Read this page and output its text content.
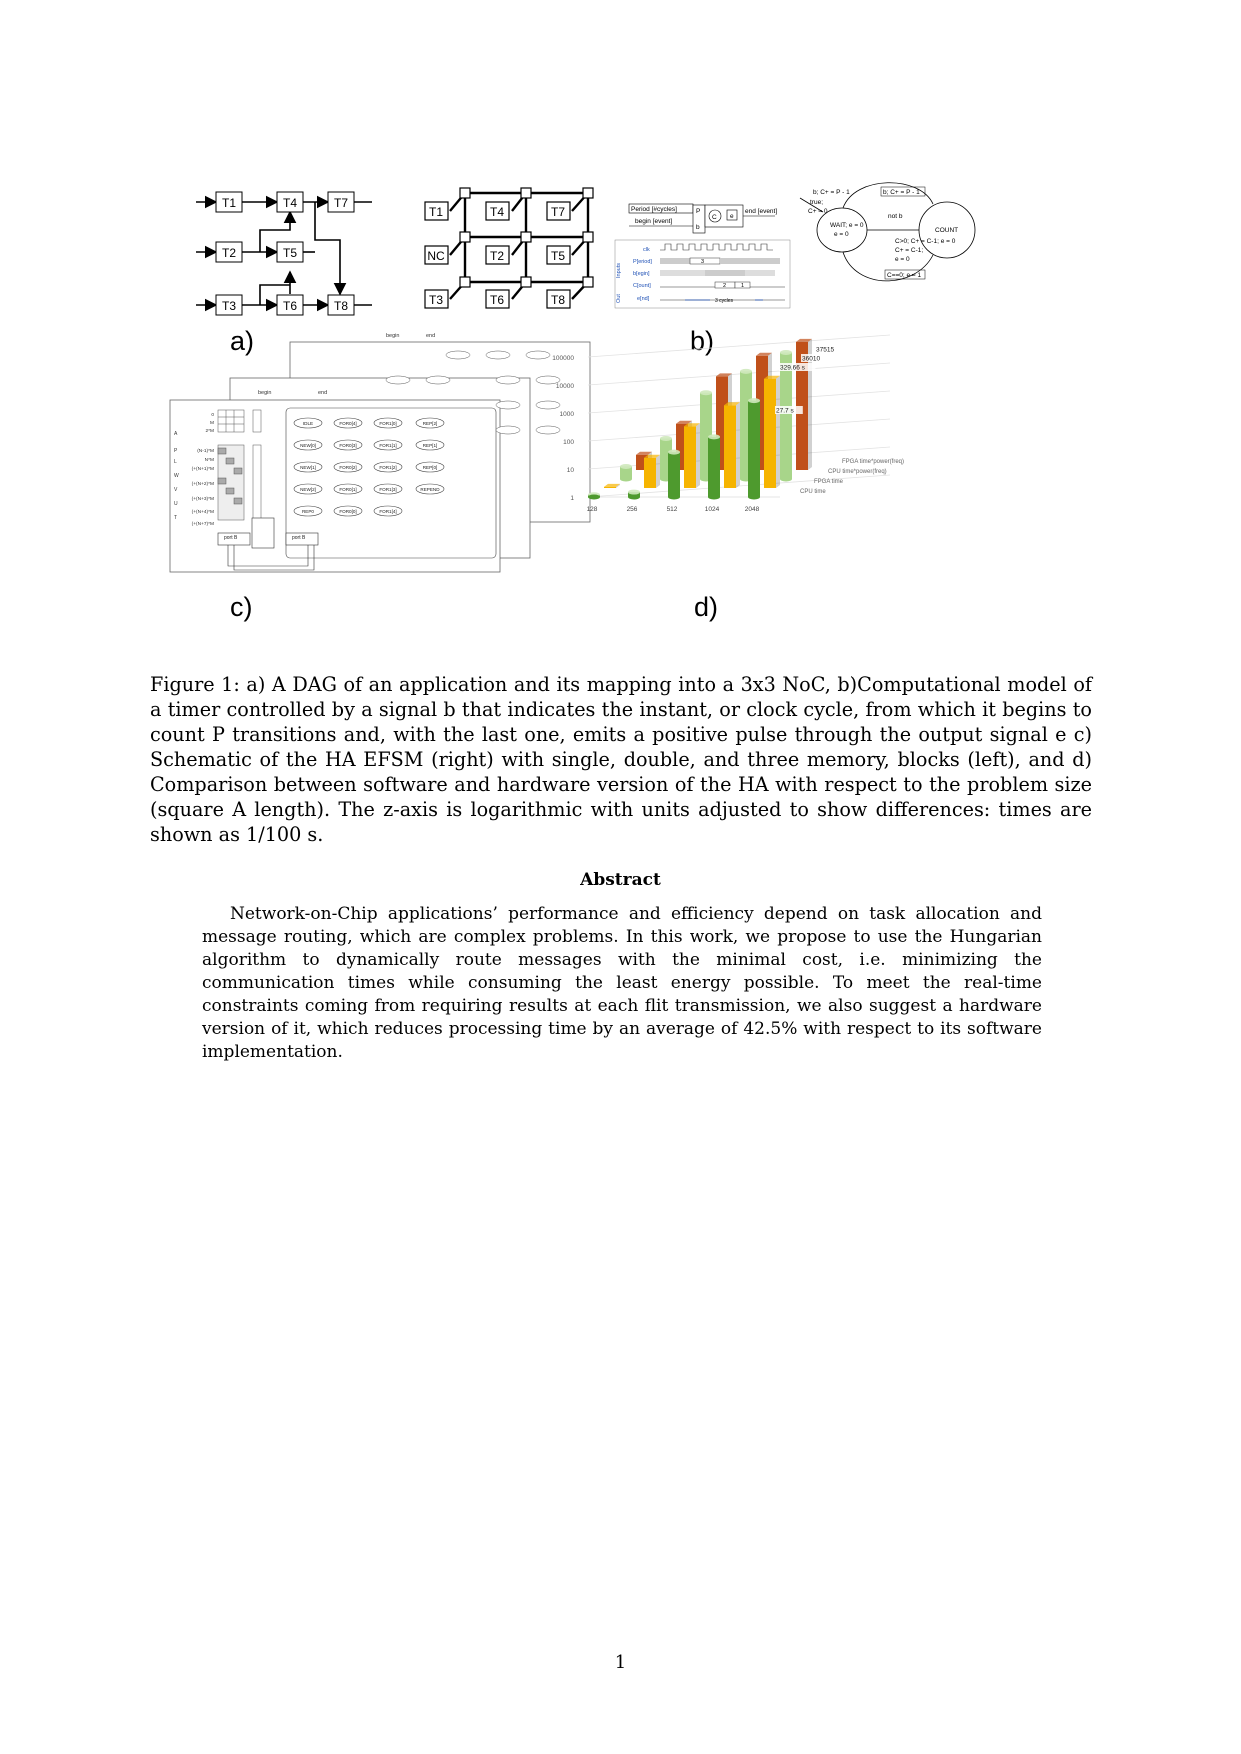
T1
T2
T3
T4
T5
T6
T7
T8
T1	T4	T7
NC	T2	T5
T3	T6	T8
a)
Period [#cycles]
begin [event]
P
b
C e
end [event]
clk
P[eriod]
b[egin]
C[ount]
e[nd]
Inputs
Out
3
2	1
3 cycles
WAIT; e = 0
e = 0
COUNT
b; C+ = P - 1	b; C+ = P - 1
not b
C>0; C+ = C-1; e = 0
C+ = C-1;
e = 0
C==0; e = 1
true;
C+ = 0
b)
begin	end
begin	end
0
M
2*M
(N-1)*M
N*M
(+(N+1)*M
(+(N+2)*M
(+(N+3)*M
(+(N+4)*M
(+(N+7)*M
A
P
L
W
V
U
T
IDLE	FOR0[4]	FOR1[0]	REP[2]
NEW[0]	FOR0[3]	FOR1[1]	REP[1]
NEW[1]	FOR0[2]	FOR1[2]	REP[0]
NEW[2]	FOR0[1]	FOR1[3]	REPEND
REP0	FOR0[0]	FOR1[4]
port B	port B
c)
1
10
100
1000
10000
100000
128	256	512	1024	2048
FPGA time*power(freq)
CPU time*power(freq)
FPGA time
CPU time
37515
36010
329.66 s
27.7 s
d)
Figure 1: a) A DAG of an application and its mapping into a 3x3 NoC, b)Computational model of a timer controlled by a signal b that indicates the instant, or clock cycle, from which it begins to count P transitions and, with the last one, emits a positive pulse through the output signal e c) Schematic of the HA EFSM (right) with single, double, and three memory, blocks (left), and d) Comparison between software and hardware version of the HA with respect to the problem size (square A length). The z-axis is logarithmic with units adjusted to show differences: times are shown as 1/100 s.
Abstract
Network-on-Chip applications’ performance and efficiency depend on task allocation and message routing, which are complex problems. In this work, we propose to use the Hungarian algorithm to dynamically route messages with the minimal cost, i.e. minimizing the communication times while consuming the least energy possible. To meet the real-time constraints coming from requiring results at each flit transmission, we also suggest a hardware version of it, which reduces processing time by an average of 42.5% with respect to its software implementation.
1
